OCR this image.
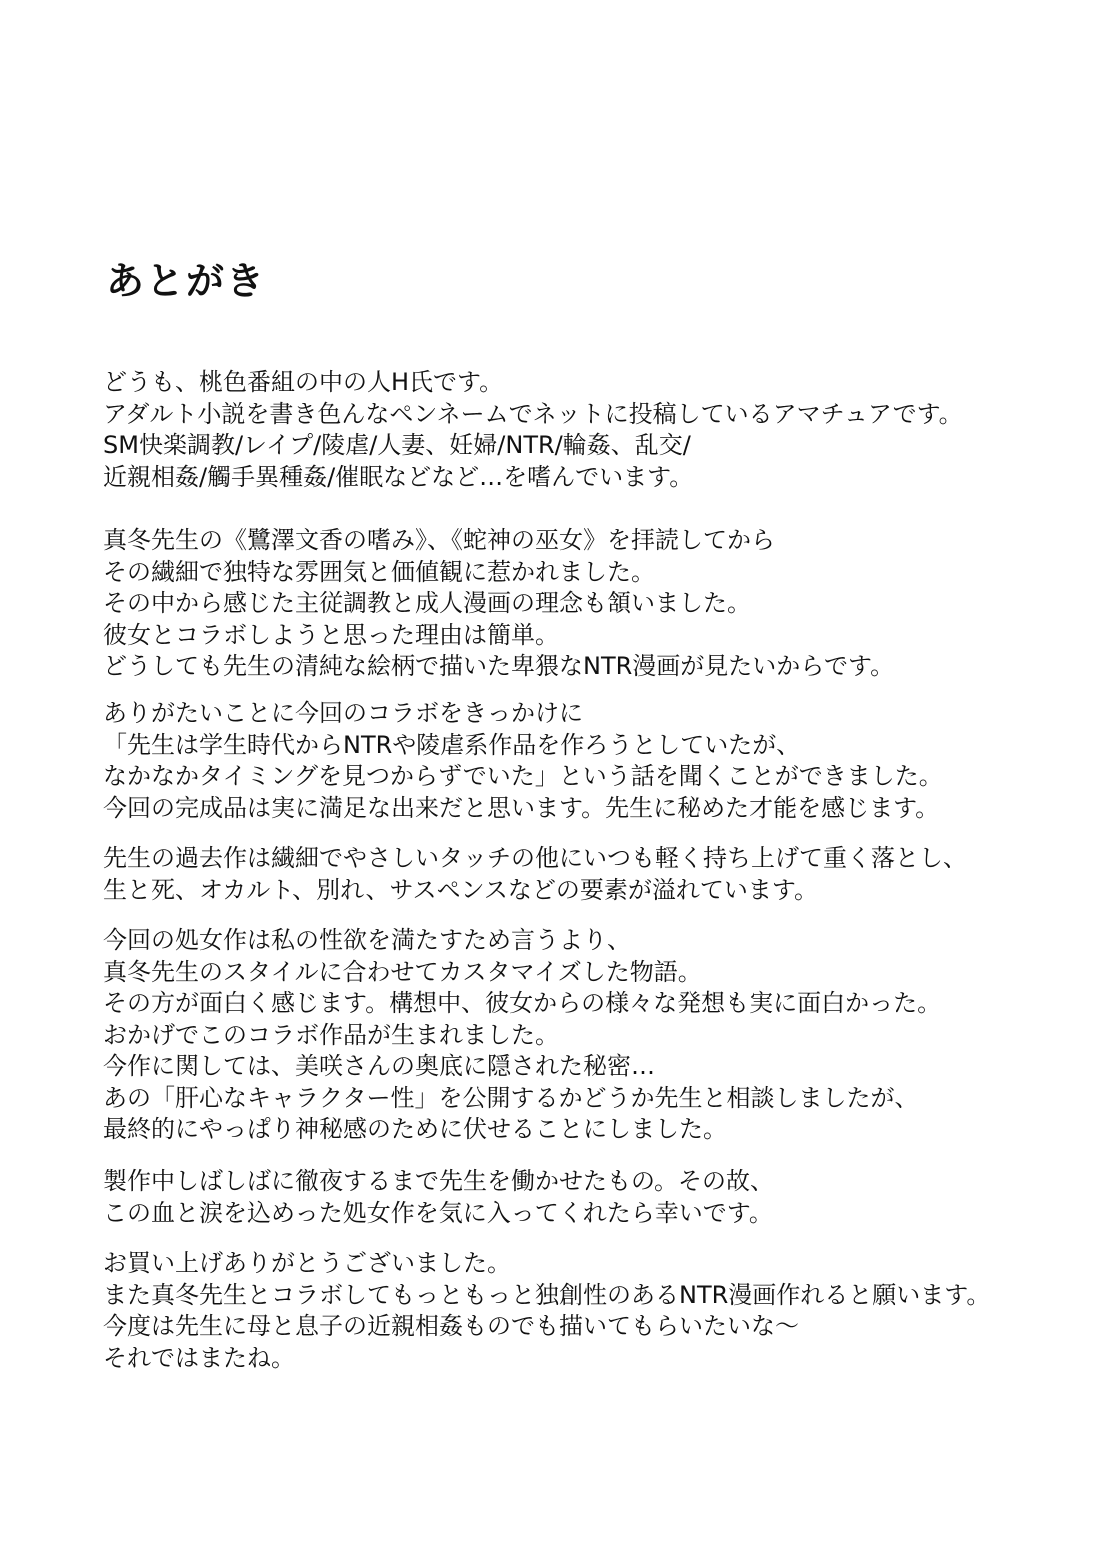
あとがき
どうも、桃色番組の中の人H氏です。
アダルト小説を書き色んなペンネームでネットに投稿しているアマチュアです。
SM快楽調教/レイプ/陵虐/人妻、妊婦/NTR/輪姦、乱交/
近親相姦/觸手異種姦/催眠などなど…を嗜んでいます。
真冬先生の《鷺澤文香の嗜み》、《蛇神の巫女》を拝読してから
その繊細で独特な雰囲気と価値観に惹かれました。
その中から感じた主従調教と成人漫画の理念も頷いました。
彼女とコラボしようと思った理由は簡単。
どうしても先生の清純な絵柄で描いた卑猥なNTR漫画が見たいからです。
ありがたいことに今回のコラボをきっかけに
「先生は学生時代からNTRや陵虐系作品を作ろうとしていたが、
なかなかタイミングを見つからずでいた」という話を聞くことができました。
今回の完成品は実に満足な出来だと思います。先生に秘めた才能を感じます。
先生の過去作は繊細でやさしいタッチの他にいつも軽く持ち上げて重く落とし、
生と死、オカルト、別れ、サスペンスなどの要素が溢れています。
今回の処女作は私の性欲を満たすため言うより、
真冬先生のスタイルに合わせてカスタマイズした物語。
その方が面白く感じます。構想中、彼女からの様々な発想も実に面白かった。
おかげでこのコラボ作品が生まれました。
今作に関しては、美咲さんの奥底に隠された秘密…
あの「肝心なキャラクター性」を公開するかどうか先生と相談しましたが、
最終的にやっぱり神秘感のために伏せることにしました。
製作中しばしばに徹夜するまで先生を働かせたもの。その故、
この血と涙を込めった処女作を気に入ってくれたら幸いです。
お買い上げありがとうございました。
また真冬先生とコラボしてもっともっと独創性のあるNTR漫画作れると願います。
今度は先生に母と息子の近親相姦ものでも描いてもらいたいな～
それではまたね。
